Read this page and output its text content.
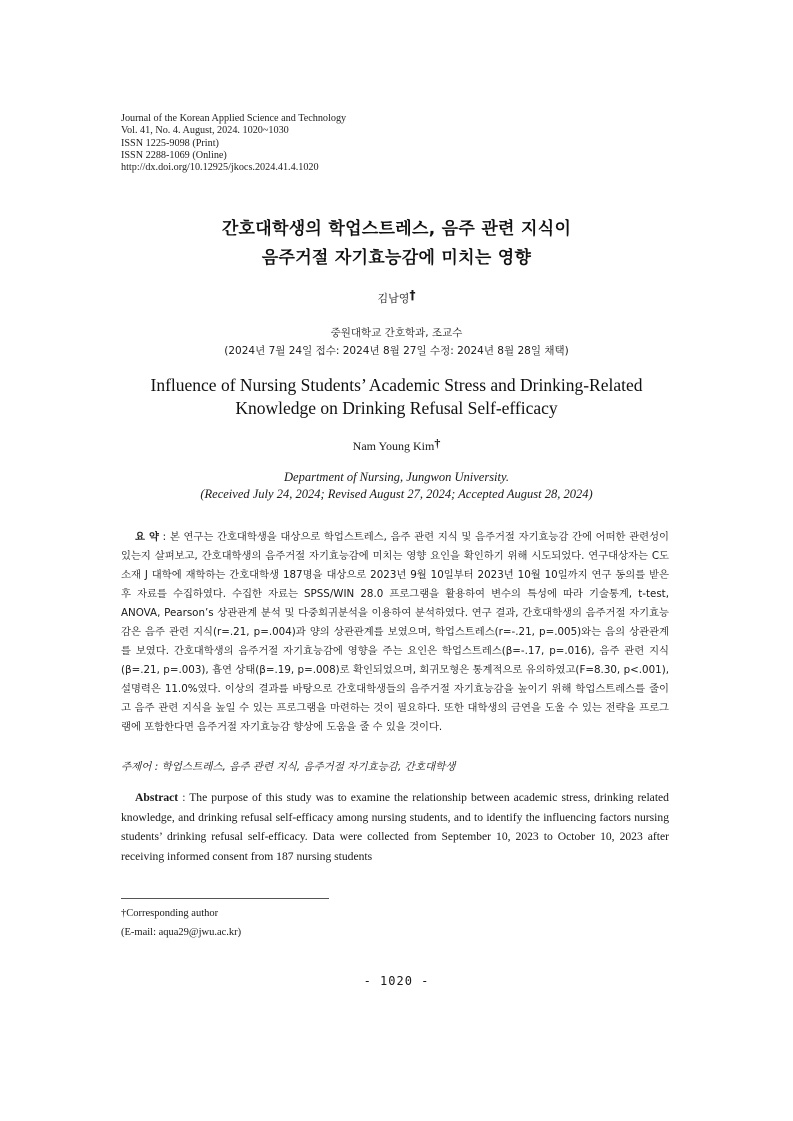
Journal of the Korean Applied Science and Technology
Vol. 41, No. 4. August, 2024. 1020~1030
ISSN 1225-9098 (Print)
ISSN 2288-1069 (Online)
http://dx.doi.org/10.12925/jkocs.2024.41.4.1020
간호대학생의 학업스트레스, 음주 관련 지식이
음주거절 자기효능감에 미치는 영향
김남영†
중원대학교 간호학과, 조교수
(2024년 7월 24일 접수: 2024년 8월 27일 수정: 2024년 8월 28일 채택)
Influence of Nursing Students’ Academic Stress and Drinking-Related
Knowledge on Drinking Refusal Self-efficacy
Nam Young Kim†
Department of Nursing, Jungwon University.
(Received July 24, 2024; Revised August 27, 2024; Accepted August 28, 2024)
요 약 : 본 연구는 간호대학생을 대상으로 학업스트레스, 음주 관련 지식 및 음주거절 자기효능감 간에 어떠한 관련성이 있는지 살펴보고, 간호대학생의 음주거절 자기효능감에 미치는 영향 요인을 확인하기 위해 시도되었다. 연구대상자는 C도 소재 J 대학에 재학하는 간호대학생 187명을 대상으로 2023년 9월 10일부터 2023년 10월 10일까지 연구 동의를 받은 후 자료를 수집하였다. 수집한 자료는 SPSS/WIN 28.0 프로그램을 활용하여 변수의 특성에 따라 기술통계, t-test, ANOVA, Pearson’s 상관관계 분석 및 다중회귀분석을 이용하여 분석하였다. 연구 결과, 간호대학생의 음주거절 자기효능감은 음주 관련 지식(r=.21, p=.004)과 양의 상관관계를 보였으며, 학업스트레스(r=-.21, p=.005)와는 음의 상관관계를 보였다. 간호대학생의 음주거절 자기효능감에 영향을 주는 요인은 학업스트레스(β=-.17, p=.016), 음주 관련 지식(β=.21, p=.003), 흡연 상태(β=.19, p=.008)로 확인되었으며, 회귀모형은 통계적으로 유의하였고(F=8.30, p<.001), 설명력은 11.0%였다. 이상의 결과를 바탕으로 간호대학생들의 음주거절 자기효능감을 높이기 위해 학업스트레스를 줄이고 음주 관련 지식을 높일 수 있는 프로그램을 마련하는 것이 필요하다. 또한 대학생의 금연을 도울 수 있는 전략을 프로그램에 포함한다면 음주거절 자기효능감 향상에 도움을 줄 수 있을 것이다.
주제어 : 학업스트레스, 음주 관련 지식, 음주거절 자기효능감, 간호대학생
Abstract : The purpose of this study was to examine the relationship between academic stress, drinking related knowledge, and drinking refusal self-efficacy among nursing students, and to identify the influencing factors nursing students’ drinking refusal self-efficacy. Data were collected from September 10, 2023 to October 10, 2023 after receiving informed consent from 187 nursing students
†Corresponding author
(E-mail: aqua29@jwu.ac.kr)
- 1020 -
